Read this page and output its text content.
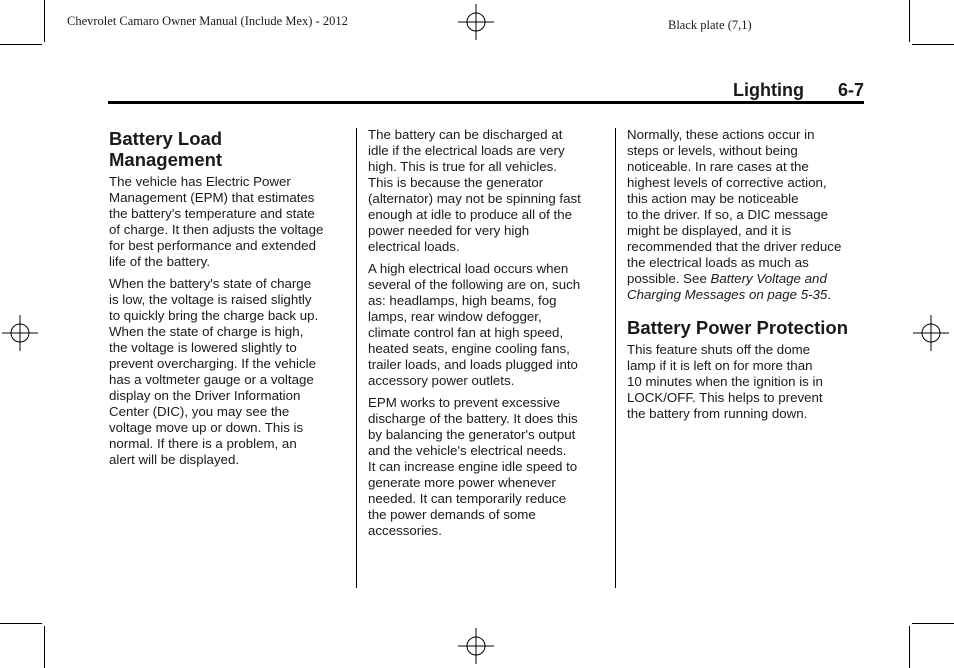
Chevrolet Camaro Owner Manual (Include Mex) - 2012	Black plate (7,1)
Lighting 6-7
Battery Load
Management

The vehicle has Electric Power
Management (EPM) that estimates
the battery's temperature and state
of charge. It then adjusts the voltage
for best performance and extended
life of the battery.

When the battery's state of charge
is low, the voltage is raised slightly
to quickly bring the charge back up.
When the state of charge is high,
the voltage is lowered slightly to
prevent overcharging. If the vehicle
has a voltmeter gauge or a voltage
display on the Driver Information
Center (DIC), you may see the
voltage move up or down. This is
normal. If there is a problem, an
alert will be displayed.

The battery can be discharged at
idle if the electrical loads are very
high. This is true for all vehicles.
This is because the generator
(alternator) may not be spinning fast
enough at idle to produce all of the
power needed for very high
electrical loads.

A high electrical load occurs when
several of the following are on, such
as: headlamps, high beams, fog
lamps, rear window defogger,
climate control fan at high speed,
heated seats, engine cooling fans,
trailer loads, and loads plugged into
accessory power outlets.

EPM works to prevent excessive
discharge of the battery. It does this
by balancing the generator's output
and the vehicle's electrical needs.
It can increase engine idle speed to
generate more power whenever
needed. It can temporarily reduce
the power demands of some
accessories.

Normally, these actions occur in
steps or levels, without being
noticeable. In rare cases at the
highest levels of corrective action,
this action may be noticeable
to the driver. If so, a DIC message
might be displayed, and it is
recommended that the driver reduce
the electrical loads as much as
possible. See Battery Voltage and
Charging Messages on page 5-35.

Battery Power Protection

This feature shuts off the dome
lamp if it is left on for more than
10 minutes when the ignition is in
LOCK/OFF. This helps to prevent
the battery from running down.
